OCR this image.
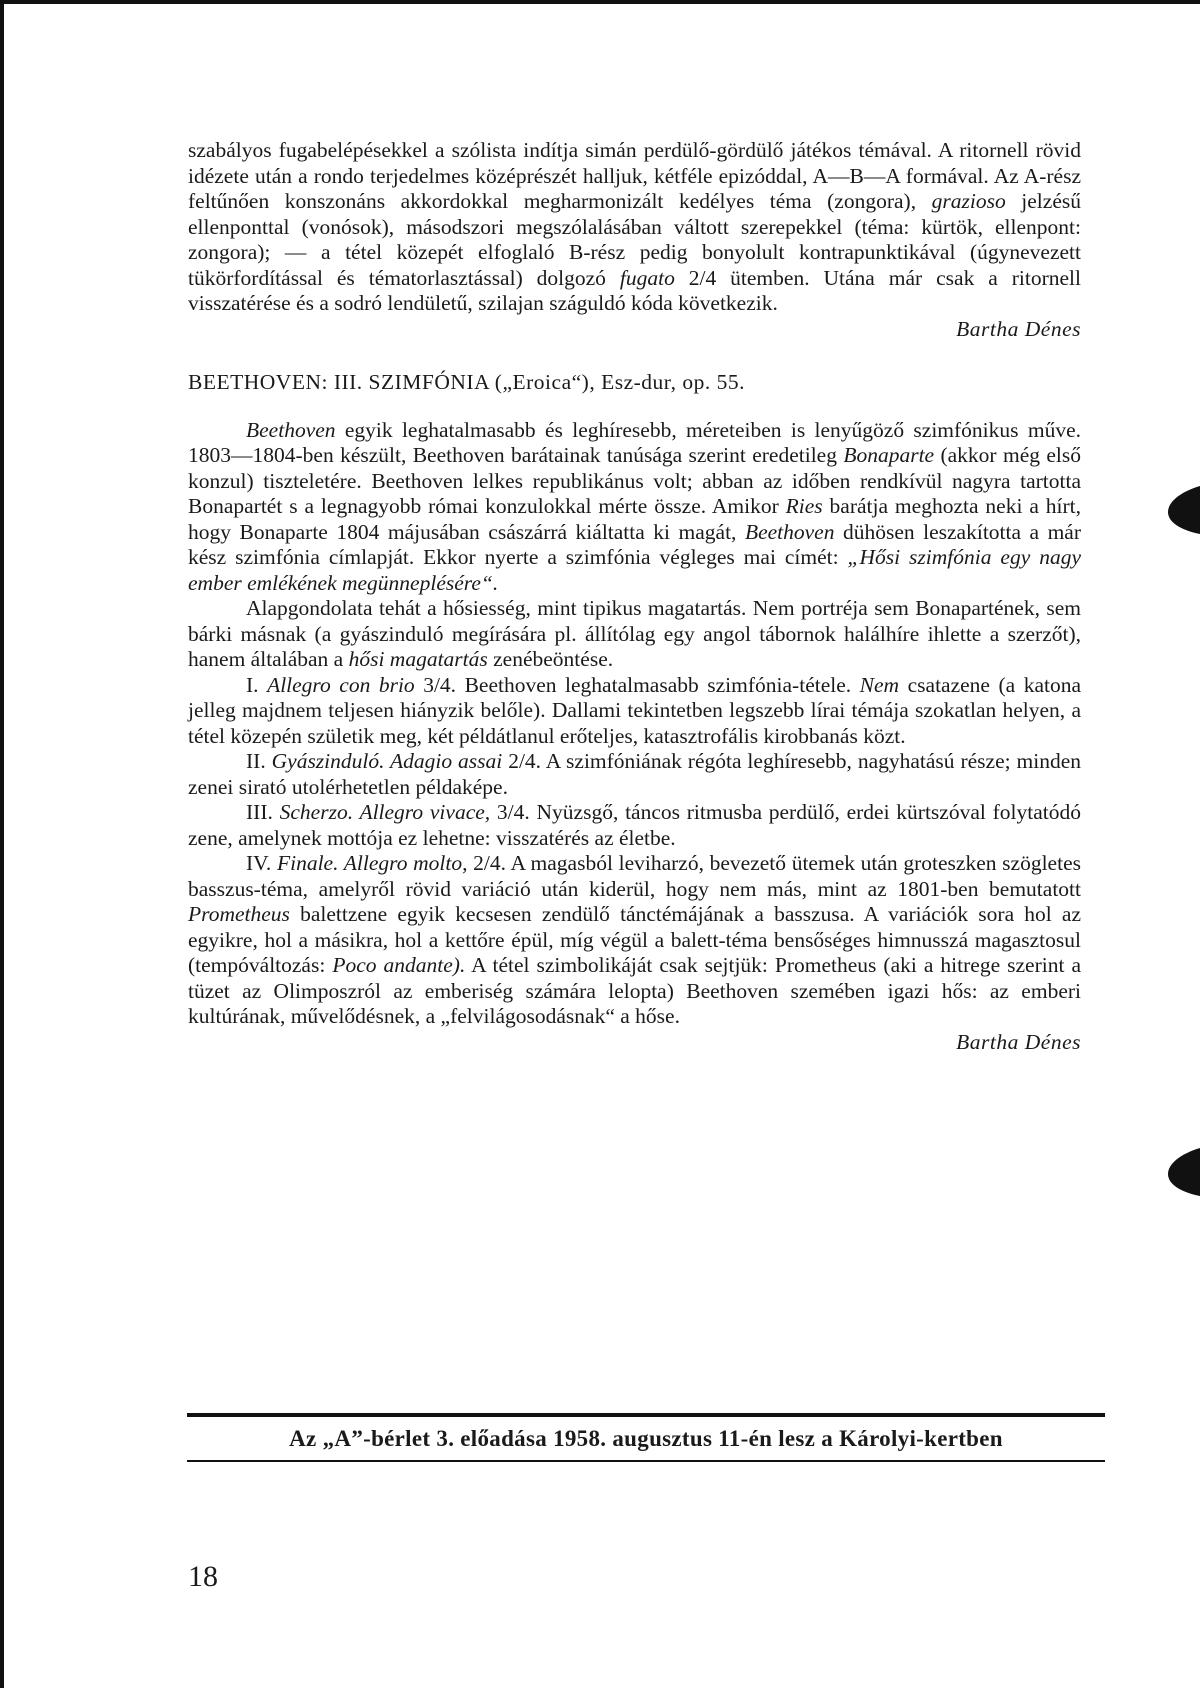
szabályos fugabelépésekkel a szólista indítja simán perdülő-gördülő játékos témával. A ritornell rövid idézete után a rondo terjedelmes középrészét halljuk, kétféle epizóddal, A—B—A formával. Az A-rész feltűnően konszonáns akkordokkal megharmonizált kedélyes téma (zongora), grazioso jelzésű ellenponttal (vonósok), másodszori megszólalásában váltott szerepekkel (téma: kürtök, ellenpont: zongora); — a tétel közepét elfoglaló B-rész pedig bonyolult kontrapunktikával (úgynevezett tükörfordítással és tématorlasztással) dolgozó fugato 2/4 ütemben. Utána már csak a ritornell visszatérése és a sodró lendületű, szilajan száguldó kóda következik.

Bartha Dénes

BEETHOVEN: III. SZIMFÓNIA („Eroica“), Esz-dur, op. 55.

Beethoven egyik leghatalmasabb és leghíresebb, méreteiben is lenyűgöző szimfónikus műve. 1803—1804-ben készült, Beethoven barátainak tanúsága szerint eredetileg Bonaparte (akkor még első konzul) tiszteletére. Beethoven lelkes republikánus volt; abban az időben rendkívül nagyra tartotta Bonapartét s a legnagyobb római konzulokkal mérte össze. Amikor Ries barátja meghozta neki a hírt, hogy Bonaparte 1804 májusában császárrá kiáltatta ki magát, Beethoven dühösen leszakította a már kész szimfónia címlapját. Ekkor nyerte a szimfónia végleges mai címét: „Hősi szimfónia egy nagy ember emlékének megünneplésére“.

Alapgondolata tehát a hősiesség, mint tipikus magatartás. Nem portréja sem Bonapartének, sem bárki másnak (a gyászinduló megírására pl. állítólag egy angol tábornok halálhíre ihlette a szerzőt), hanem általában a hősi magatartás zenébeöntése.

I. Allegro con brio 3/4. Beethoven leghatalmasabb szimfónia-tétele. Nem csatazene (a katona jelleg majdnem teljesen hiányzik belőle). Dallami tekintetben legszebb lírai témája szokatlan helyen, a tétel közepén születik meg, két példátlanul erőteljes, katasztrofális kirobbanás közt.

II. Gyászinduló. Adagio assai 2/4. A szimfóniának régóta leghíresebb, nagyhatású része; minden zenei sirató utolérhetetlen példaképe.

III. Scherzo. Allegro vivace, 3/4. Nyüzsgő, táncos ritmusba perdülő, erdei kürtszóval folytatódó zene, amelynek mottója ez lehetne: visszatérés az életbe.

IV. Finale. Allegro molto, 2/4. A magasból leviharzó, bevezető ütemek után groteszken szögletes basszus-téma, amelyről rövid variáció után kiderül, hogy nem más, mint az 1801-ben bemutatott Prometheus balettzene egyik kecsesen zendülő tánctémájának a basszusa. A variációk sora hol az egyikre, hol a másikra, hol a kettőre épül, míg végül a balett-téma bensőséges himnusszá magasztosul (tempóváltozás: Poco andante). A tétel szimbolikáját csak sejtjük: Prometheus (aki a hitrege szerint a tüzet az Olimposzról az emberiség számára lelopta) Beethoven szemében igazi hős: az emberi kultúrának, művelődésnek, a „felvilágosodásnak“ a hőse.

Bartha Dénes
Az „A”-bérlet 3. előadása 1958. augusztus 11-én lesz a Károlyi-kertben
18
